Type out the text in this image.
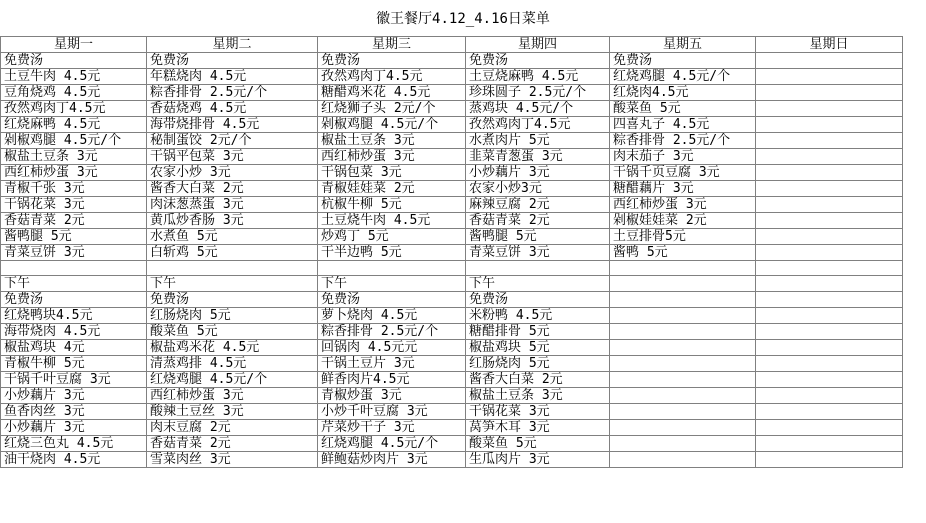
徽王餐厅4.12_4.16日菜单
星期一	星期二	星期三	星期四	星期五	星期日
免费汤	免费汤	免费汤	免费汤	免费汤	
土豆牛肉 4.5元	年糕烧肉 4.5元	孜然鸡肉丁4.5元	土豆烧麻鸭 4.5元	红烧鸡腿 4.5元/个	
豆角烧鸡 4.5元	粽香排骨 2.5元/个	糖醋鸡米花 4.5元	珍珠圆子 2.5元/个	红烧肉4.5元	
孜然鸡肉丁4.5元	香菇烧鸡 4.5元	红烧狮子头 2元/个	蒸鸡块 4.5元/个	酸菜鱼 5元	
红烧麻鸭 4.5元	海带烧排骨 4.5元	剁椒鸡腿 4.5元/个	孜然鸡肉丁4.5元	四喜丸子 4.5元	
剁椒鸡腿 4.5元/个	秘制蛋饺 2元/个	椒盐土豆条 3元	水煮肉片 5元	粽香排骨 2.5元/个	
椒盐土豆条 3元	干锅平包菜 3元	西红柿炒蛋 3元	韭菜青葱蛋 3元	肉末茄子 3元	
西红柿炒蛋 3元	农家小炒 3元	干锅包菜 3元	小炒藕片 3元	干锅千页豆腐 3元	
青椒千张 3元	酱香大白菜 2元	青椒娃娃菜 2元	农家小炒3元	糖醋藕片 3元	
干锅花菜 3元	肉沫葱蒸蛋 3元	杭椒牛柳 5元	麻辣豆腐 2元	西红柿炒蛋 3元	
香菇青菜 2元	黄瓜炒香肠 3元	土豆烧牛肉 4.5元	香菇青菜 2元	剁椒娃娃菜 2元	
酱鸭腿 5元	水煮鱼 5元	炒鸡丁 5元	酱鸭腿 5元	土豆排骨5元	
青菜豆饼 3元	白斩鸡 5元	干半边鸭 5元	青菜豆饼 3元	酱鸭 5元	

下午	下午	下午	下午		
免费汤	免费汤	免费汤	免费汤		
红烧鸭块4.5元	红肠烧肉 5元	萝卜烧肉 4.5元	米粉鸭 4.5元		
海带烧肉 4.5元	酸菜鱼 5元	粽香排骨 2.5元/个	糖醋排骨 5元		
椒盐鸡块 4元	椒盐鸡米花 4.5元	回锅肉 4.5元元	椒盐鸡块 5元		
青椒牛柳 5元	清蒸鸡排 4.5元	干锅土豆片 3元	红肠烧肉 5元		
干锅千叶豆腐 3元	红烧鸡腿 4.5元/个	鲜香肉片4.5元	酱香大白菜 2元		
小炒藕片 3元	西红柿炒蛋 3元	青椒炒蛋 3元	椒盐土豆条 3元		
鱼香肉丝 3元	酸辣土豆丝 3元	小炒千叶豆腐 3元	干锅花菜 3元		
小炒藕片 3元	肉末豆腐 2元	芹菜炒干子 3元	莴笋木耳 3元		
红烧三色丸 4.5元	香菇青菜 2元	红烧鸡腿 4.5元/个	酸菜鱼 5元		
油干烧肉 4.5元	雪菜肉丝 3元	鲜鲍菇炒肉片 3元	生瓜肉片 3元		
